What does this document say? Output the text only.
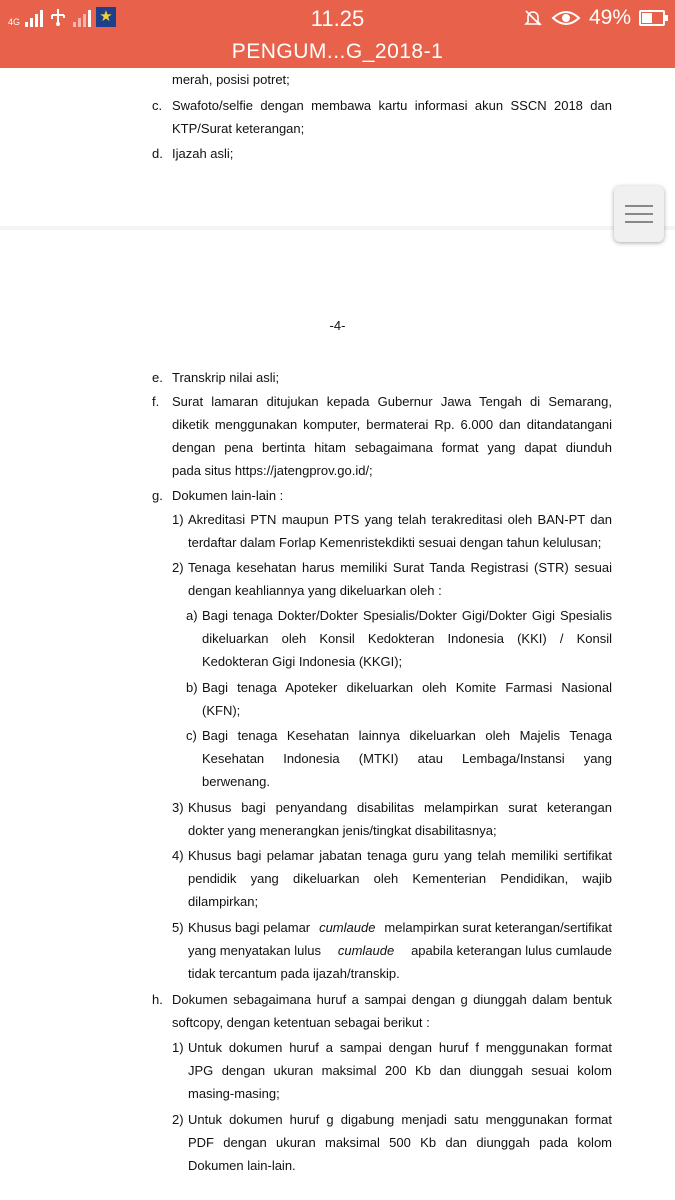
4G	★	11.25	49%
PENGUM...G_2018-1
merah, posisi potret;
c. Swafoto/selfie dengan membawa kartu informasi akun SSCN 2018 dan
KTP/Surat keterangan;
d. Ijazah asli;
-4-
e. Transkrip nilai asli;
f. Surat lamaran ditujukan kepada Gubernur Jawa Tengah di Semarang,
diketik menggunakan komputer, bermaterai Rp. 6.000 dan ditandatangani
dengan pena bertinta hitam sebagaimana format yang dapat diunduh
pada situs https://jatengprov.go.id/;
g. Dokumen lain-lain :
1) Akreditasi PTN maupun PTS yang telah terakreditasi oleh BAN-PT dan
terdaftar dalam Forlap Kemenristekdikti sesuai dengan tahun kelulusan;
2) Tenaga kesehatan harus memiliki Surat Tanda Registrasi (STR) sesuai
dengan keahliannya yang dikeluarkan oleh :
a) Bagi tenaga Dokter/Dokter Spesialis/Dokter Gigi/Dokter Gigi Spesialis
dikeluarkan oleh Konsil Kedokteran Indonesia (KKI) / Konsil
Kedokteran Gigi Indonesia (KKGI);
b) Bagi tenaga Apoteker dikeluarkan oleh Komite Farmasi Nasional
(KFN);
c) Bagi tenaga Kesehatan lainnya dikeluarkan oleh Majelis Tenaga
Kesehatan Indonesia (MTKI) atau Lembaga/Instansi yang
berwenang.
3) Khusus bagi penyandang disabilitas melampirkan surat keterangan
dokter yang menerangkan jenis/tingkat disabilitasnya;
4) Khusus bagi pelamar jabatan tenaga guru yang telah memiliki sertifikat
pendidik yang dikeluarkan oleh Kementerian Pendidikan, wajib
dilampirkan;
5) Khusus bagi pelamar cumlaude melampirkan surat keterangan/sertifikat
yang menyatakan lulus cumlaude apabila keterangan lulus cumlaude
tidak tercantum pada ijazah/transkip.
h. Dokumen sebagaimana huruf a sampai dengan g diunggah dalam bentuk
softcopy, dengan ketentuan sebagai berikut :
1) Untuk dokumen huruf a sampai dengan huruf f menggunakan format
JPG dengan ukuran maksimal 200 Kb dan diunggah sesuai kolom
masing-masing;
2) Untuk dokumen huruf g digabung menjadi satu menggunakan format
PDF dengan ukuran maksimal 500 Kb dan diunggah pada kolom
Dokumen lain-lain.
